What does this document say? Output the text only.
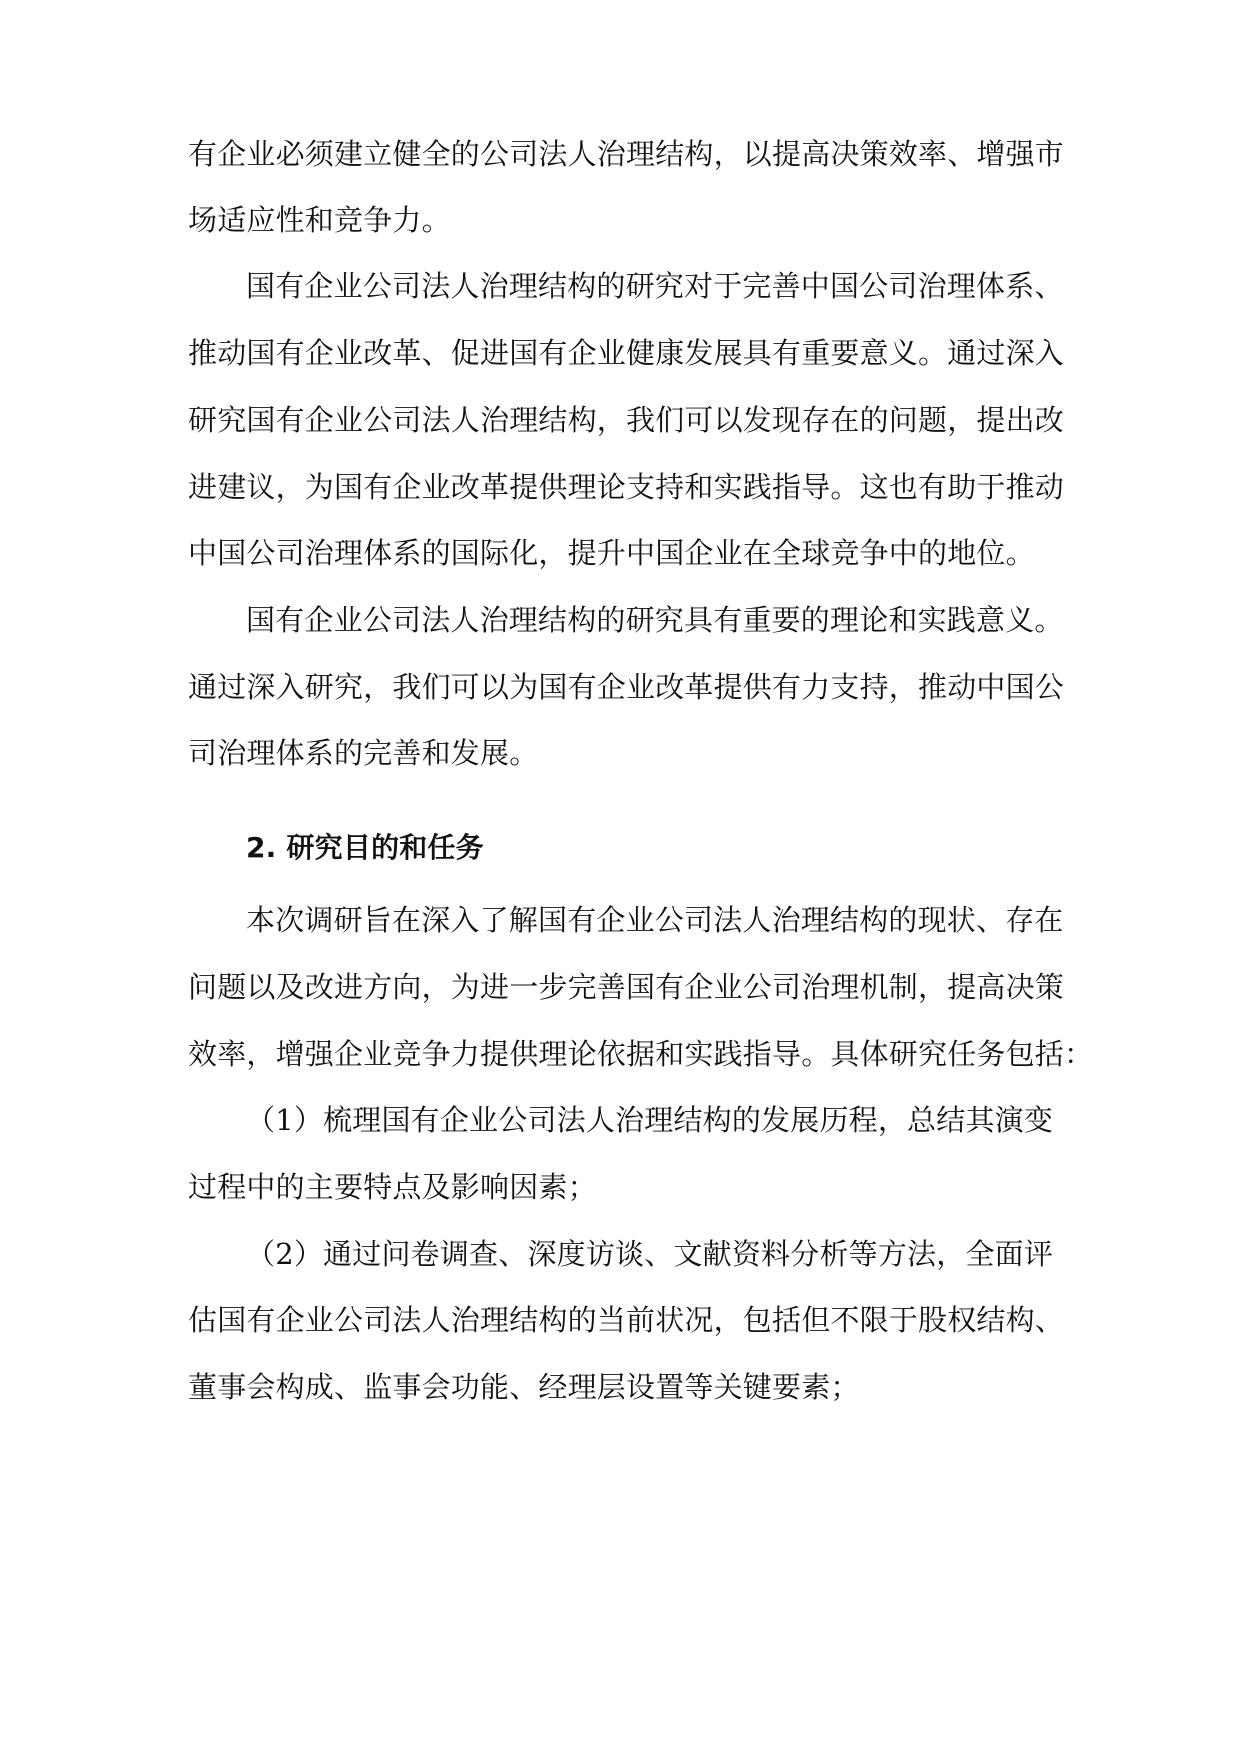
有企业必须建立健全的公司法人治理结构，以提高决策效率、增强市
场适应性和竞争力。
国有企业公司法人治理结构的研究对于完善中国公司治理体系、
推动国有企业改革、促进国有企业健康发展具有重要意义。通过深入
研究国有企业公司法人治理结构，我们可以发现存在的问题，提出改
进建议，为国有企业改革提供理论支持和实践指导。这也有助于推动
中国公司治理体系的国际化，提升中国企业在全球竞争中的地位。
国有企业公司法人治理结构的研究具有重要的理论和实践意义。
通过深入研究，我们可以为国有企业改革提供有力支持，推动中国公
司治理体系的完善和发展。
2. 研究目的和任务
本次调研旨在深入了解国有企业公司法人治理结构的现状、存在
问题以及改进方向，为进一步完善国有企业公司治理机制，提高决策
效率，增强企业竞争力提供理论依据和实践指导。具体研究任务包括：
（1）梳理国有企业公司法人治理结构的发展历程，总结其演变
过程中的主要特点及影响因素；
（2）通过问卷调查、深度访谈、文献资料分析等方法，全面评
估国有企业公司法人治理结构的当前状况，包括但不限于股权结构、
董事会构成、监事会功能、经理层设置等关键要素；
